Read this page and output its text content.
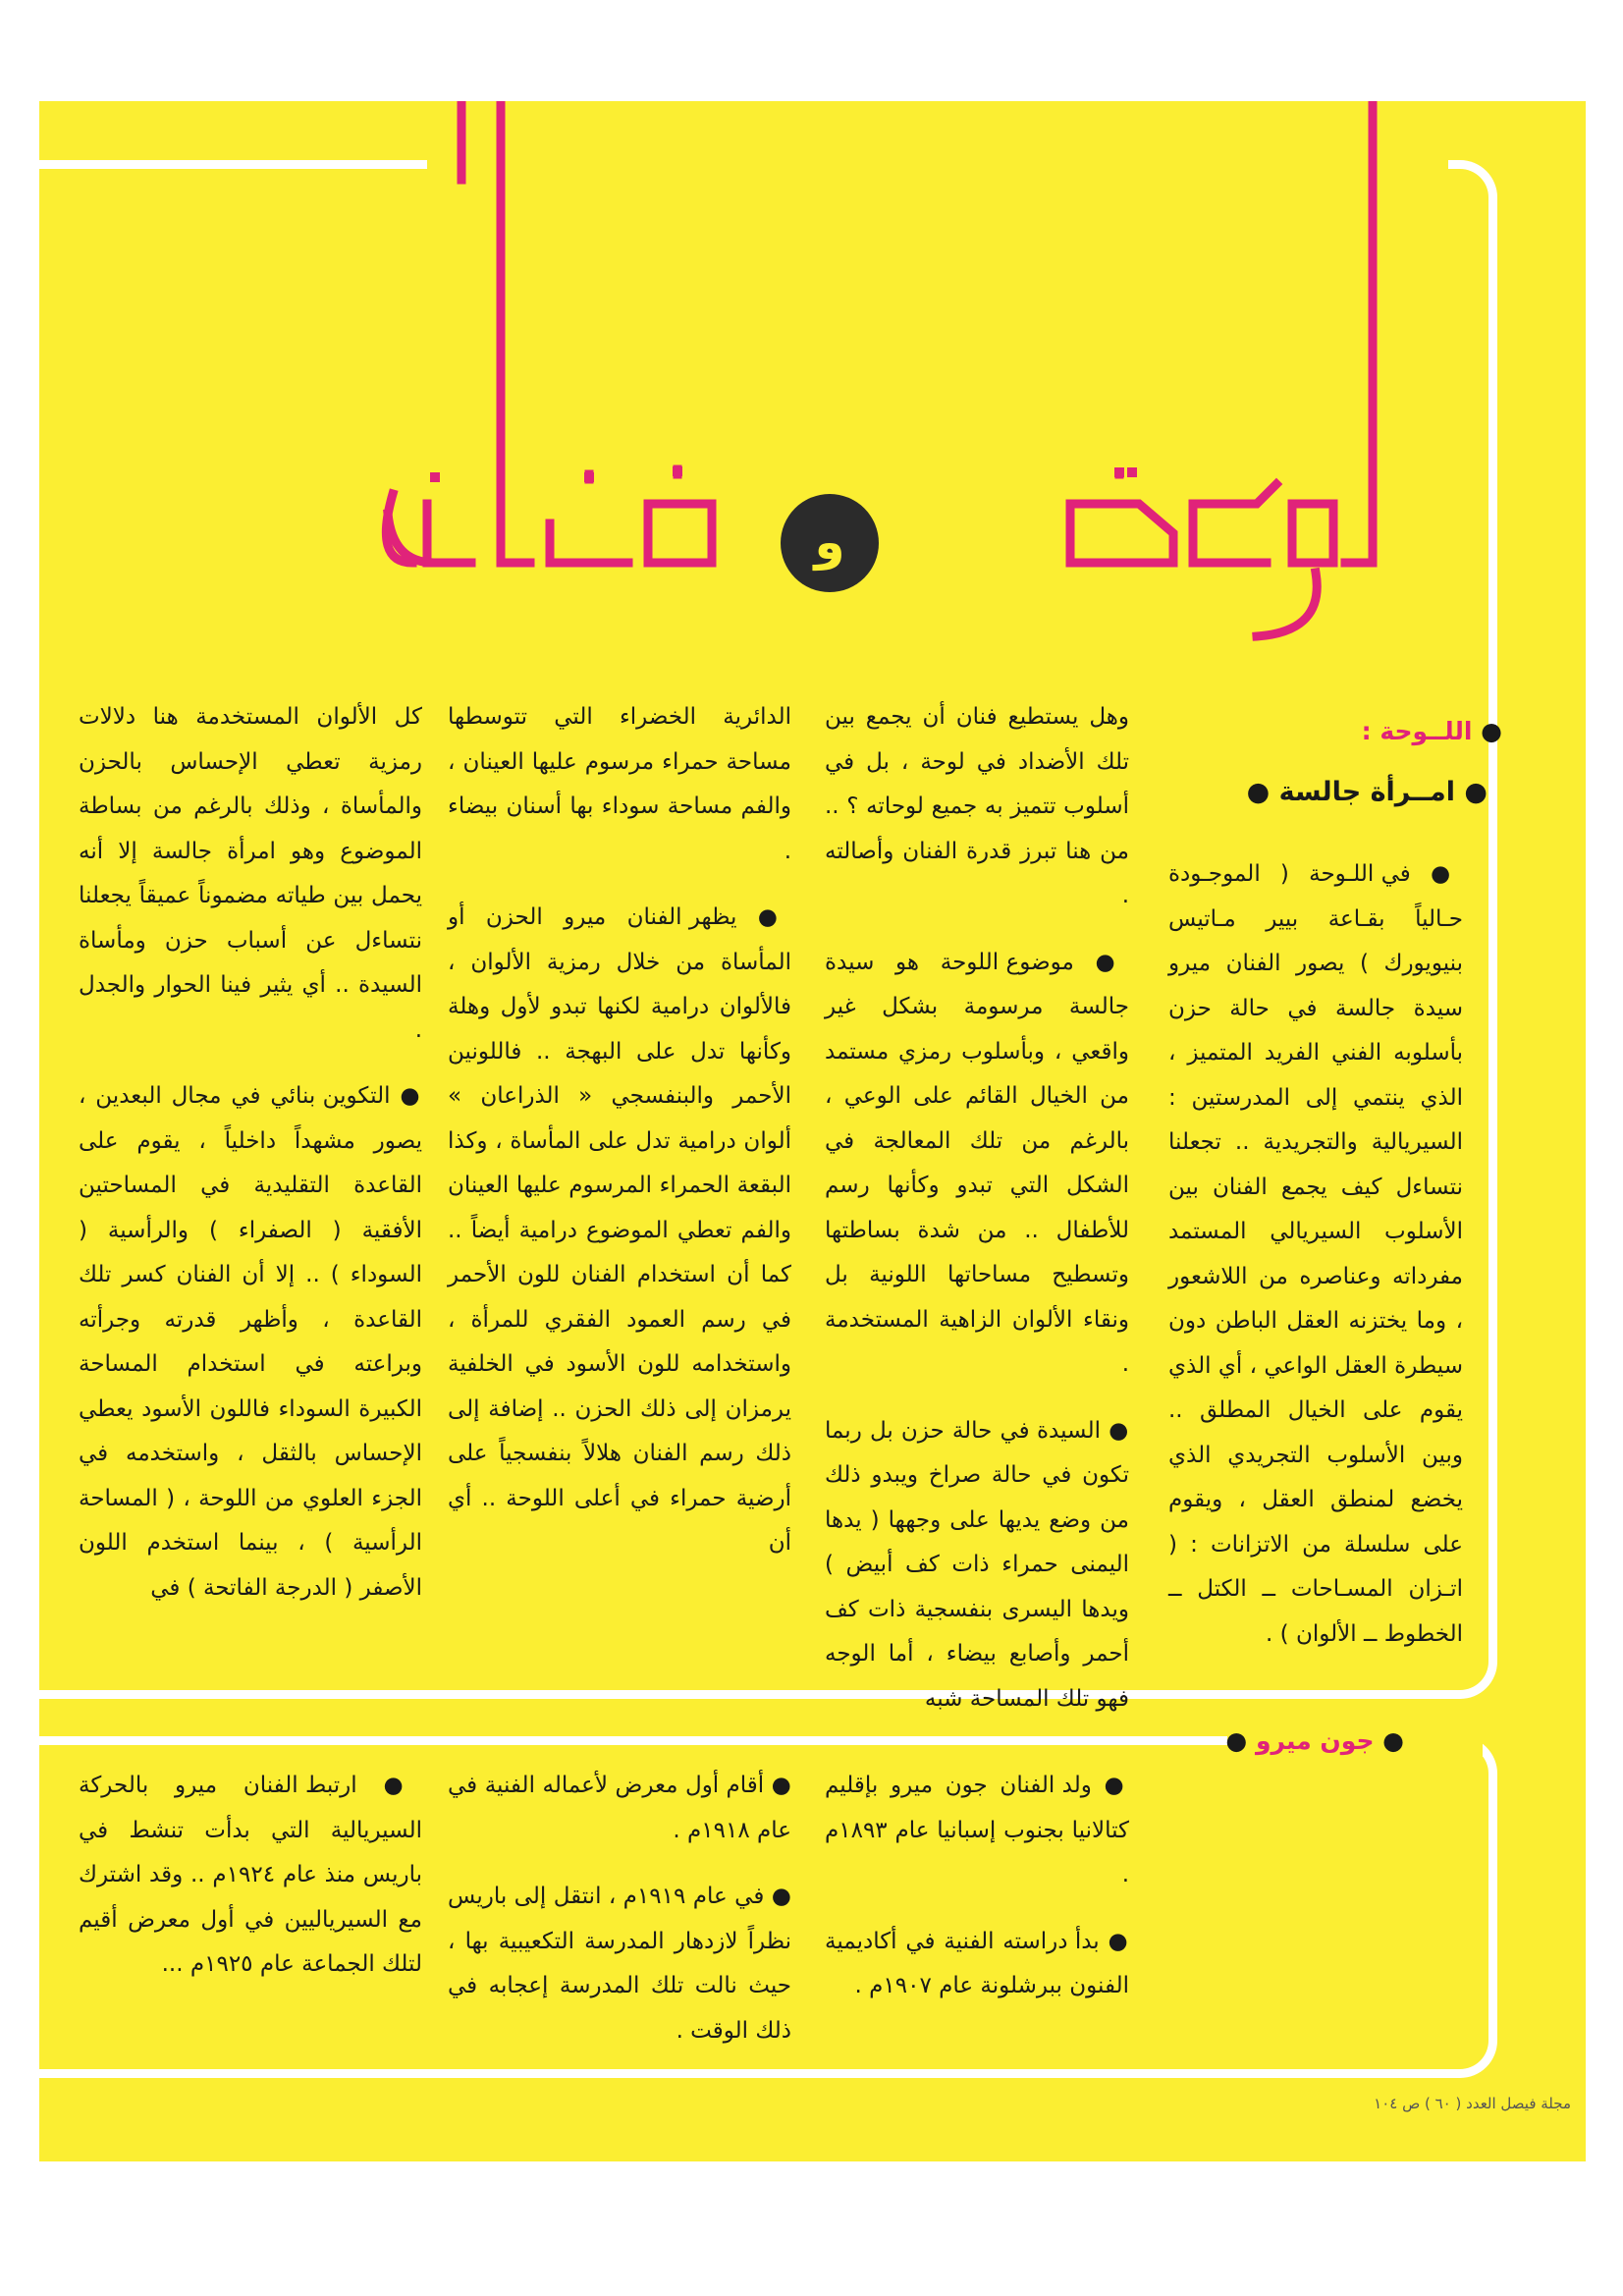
و
● اللــوحة :
● امــرأة جالسة ●

● في اللـوحة ( الموجـودة حـالياً بقـاعة بيير مـاتيس بنيويورك ) يصور الفنان ميرو سيدة جالسة في حالة حزن بأسلوبه الفني الفريد المتميز ، الذي ينتمي إلى المدرستين : السيريالية والتجريدية .. تجعلنا نتساءل كيف يجمع الفنان بين الأسلوب السيريالي المستمد مفرداته وعناصره من اللاشعور ، وما يختزنه العقل الباطن دون سيطرة العقل الواعي ، أي الذي يقوم على الخيال المطلق .. وبين الأسلوب التجريدي الذي يخضع لمنطق العقل ، ويقوم على سلسلة من الاتزانات : ( اتـزان المسـاحات ــ الكتل ــ الخطوط ــ الألوان ) .

وهل يستطيع فنان أن يجمع بين تلك الأضداد في لوحة ، بل في أسلوب تتميز به جميع لوحاته ؟ .. من هنا تبرز قدرة الفنان وأصالته .

● موضوع اللوحة هو سيدة جالسة مرسومة بشكل غير واقعي ، وبأسلوب رمزي مستمد من الخيال القائم على الوعي ، بالرغم من تلك المعالجة في الشكل التي تبدو وكأنها رسم للأطفال .. من شدة بساطتها وتسطيح مساحاتها اللونية بل ونقاء الألوان الزاهية المستخدمة .

● السيدة في حالة حزن بل ربما تكون في حالة صراخ ويبدو ذلك من وضع يديها على وجهها ( يدها اليمنى حمراء ذات كف أبيض ) ويدها اليسرى بنفسجية ذات كف أحمر وأصابع بيضاء ، أما الوجه فهو تلك المساحة شبه

الدائرية الخضراء التي تتوسطها مساحة حمراء مرسوم عليها العينان ، والفم مساحة سوداء بها أسنان بيضاء .

● يظهر الفنان ميرو الحزن أو المأساة من خلال رمزية الألوان ، فالألوان درامية لكنها تبدو لأول وهلة وكأنها تدل على البهجة .. فاللونين الأحمر والبنفسجي « الذراعان » ألوان درامية تدل على المأساة ، وكذا البقعة الحمراء المرسوم عليها العينان والفم تعطي الموضوع درامية أيضاً .. كما أن استخدام الفنان للون الأحمر في رسم العمود الفقري للمرأة ، واستخدامه للون الأسود في الخلفية يرمزان إلى ذلك الحزن .. إضافة إلى ذلك رسم الفنان هلالاً بنفسجياً على أرضية حمراء في أعلى اللوحة .. أي أن

كل الألوان المستخدمة هنا دلالات رمزية تعطي الإحساس بالحزن والمأساة ، وذلك بالرغم من بساطة الموضوع وهو امرأة جالسة إلا أنه يحمل بين طياته مضموناً عميقاً يجعلنا نتساءل عن أسباب حزن ومأساة السيدة .. أي يثير فينا الحوار والجدل .

● التكوين بنائي في مجال البعدين ، يصور مشهداً داخلياً ، يقوم على القاعدة التقليدية في المساحتين الأفقية ( الصفراء ) والرأسية ( السوداء ) .. إلا أن الفنان كسر تلك القاعدة ، وأظهر قدرته وجرأته وبراعته في استخدام المساحة الكبيرة السوداء فاللون الأسود يعطي الإحساس بالثقل ، واستخدمه في الجزء العلوي من اللوحة ، ( المساحة الرأسية ) ، بينما استخدم اللون الأصفر ( الدرجة الفاتحة ) في

● جون ميرو ●

● ولد الفنان جون ميرو بإقليم كتالانيا بجنوب إسبانيا عام ١٨٩٣م .

● بدأ دراسته الفنية في أكاديمية الفنون ببرشلونة عام ١٩٠٧م .

● أقام أول معرض لأعماله الفنية في عام ١٩١٨م .

● في عام ١٩١٩م ، انتقل إلى باريس نظراً لازدهار المدرسة التكعيبية بها ، حيث نالت تلك المدرسة إعجابه في ذلك الوقت .

● ارتبط الفنان ميرو بالحركة السيريالية التي بدأت تنشط في باريس منذ عام ١٩٢٤م .. وقد اشترك مع السيرياليين في أول معرض أقيم لتلك الجماعة عام ١٩٢٥م ...

مجلة فيصل العدد ( ٦٠ ) ص ١٠٤
